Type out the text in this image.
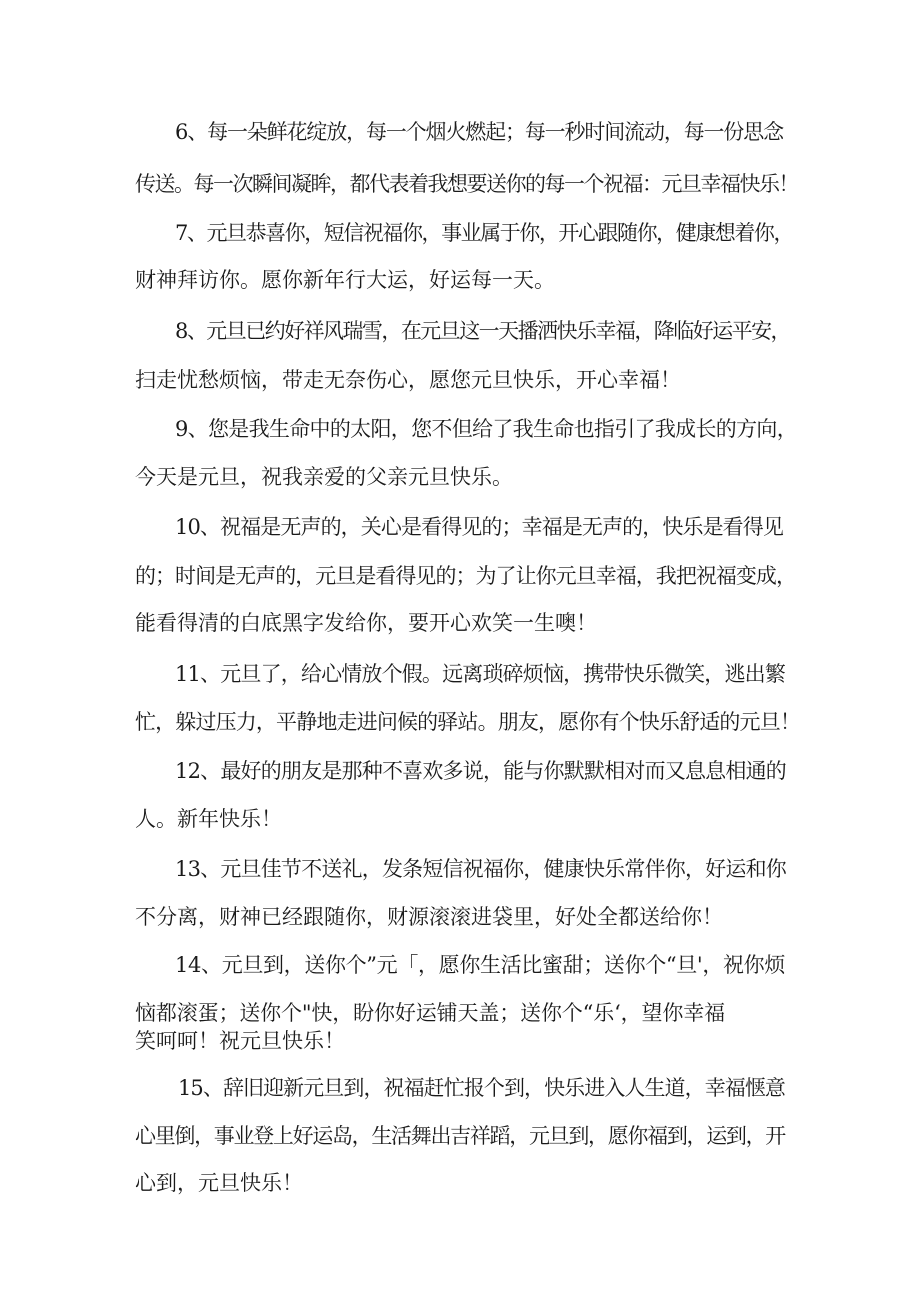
6、每一朵鲜花绽放，每一个烟火燃起；每一秒时间流动，每一份思念
传送。每一次瞬间凝眸，都代表着我想要送你的每一个祝福：元旦幸福快乐！
7、元旦恭喜你，短信祝福你，事业属于你，开心跟随你，健康想着你，
财神拜访你。愿你新年行大运，好运每一天。
8、元旦已约好祥风瑞雪，在元旦这一天播洒快乐幸福，降临好运平安，
扫走忧愁烦恼，带走无奈伤心，愿您元旦快乐，开心幸福！
9、您是我生命中的太阳，您不但给了我生命也指引了我成长的方向，
今天是元旦，祝我亲爱的父亲元旦快乐。
10、祝福是无声的，关心是看得见的；幸福是无声的，快乐是看得见
的；时间是无声的，元旦是看得见的；为了让你元旦幸福，我把祝福变成，
能看得清的白底黑字发给你，要开心欢笑一生噢！
11、元旦了，给心情放个假。远离琐碎烦恼，携带快乐微笑，逃出繁
忙，躲过压力，平静地走进问候的驿站。朋友，愿你有个快乐舒适的元旦！
12、最好的朋友是那种不喜欢多说，能与你默默相对而又息息相通的
人。新年快乐！
13、元旦佳节不送礼，发条短信祝福你，健康快乐常伴你，好运和你
不分离，财神已经跟随你，财源滚滚进袋里，好处全都送给你！
14、元旦到，送你个”元「，愿你生活比蜜甜；送你个“旦'，祝你烦
恼都滚蛋；送你个"快，盼你好运铺天盖；送你个“乐‘，望你幸福
笑呵呵！祝元旦快乐！
15、辞旧迎新元旦到，祝福赶忙报个到，快乐进入人生道，幸福惬意
心里倒，事业登上好运岛，生活舞出吉祥蹈，元旦到，愿你福到，运到，开
心到，元旦快乐！
